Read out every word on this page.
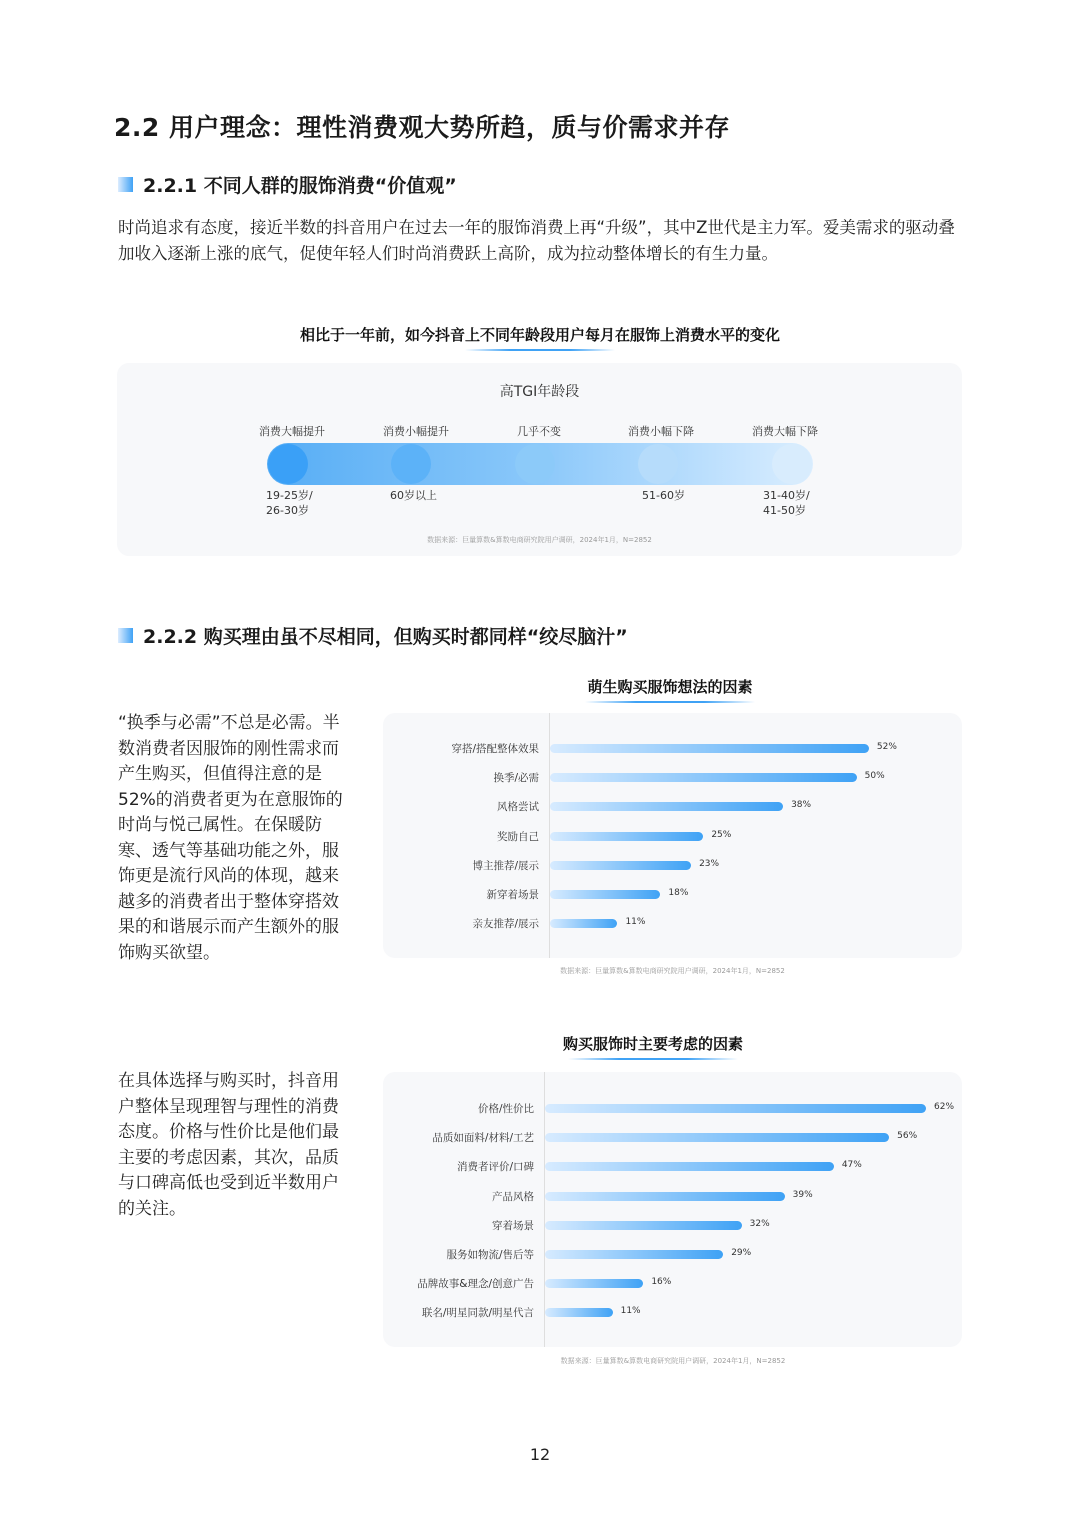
2.2 用户理念：理性消费观大势所趋，质与价需求并存
2.2.1 不同人群的服饰消费“价值观”
时尚追求有态度，接近半数的抖音用户在过去一年的服饰消费上再“升级”，其中Z世代是主力军。爱美需求的驱动叠加收入逐渐上涨的底气，促使年轻人们时尚消费跃上高阶，成为拉动整体增长的有生力量。
相比于一年前，如今抖音上不同年龄段用户每月在服饰上消费水平的变化
高TGI年龄段
消费大幅提升	消费小幅提升	几乎不变	消费小幅下降	消费大幅下降
19-25岁/
26-30岁
60岁以上	51-60岁	31-40岁/
41-50岁
数据来源：巨量算数&算数电商研究院用户调研，2024年1月，N=2852
2.2.2 购买理由虽不尽相同，但购买时都同样“绞尽脑汁”
萌生购买服饰想法的因素
“换季与必需”不总是必需。半数消费者因服饰的刚性需求而产生购买，但值得注意的是52%的消费者更为在意服饰的时尚与悦己属性。在保暖防寒、透气等基础功能之外，服饰更是流行风尚的体现，越来越多的消费者出于整体穿搭效果的和谐展示而产生额外的服饰购买欲望。
穿搭/搭配整体效果	52%
换季/必需	50%
风格尝试	38%
奖励自己	25%
博主推荐/展示	23%
新穿着场景	18%
亲友推荐/展示	11%
数据来源：巨量算数&算数电商研究院用户调研，2024年1月，N=2852
购买服饰时主要考虑的因素
在具体选择与购买时，抖音用户整体呈现理智与理性的消费态度。价格与性价比是他们最主要的考虑因素，其次，品质与口碑高低也受到近半数用户的关注。
价格/性价比	62%
品质如面料/材料/工艺	56%
消费者评价/口碑	47%
产品风格	39%
穿着场景	32%
服务如物流/售后等	29%
品牌故事&理念/创意广告	16%
联名/明星同款/明星代言	11%
数据来源：巨量算数&算数电商研究院用户调研，2024年1月，N=2852
12
